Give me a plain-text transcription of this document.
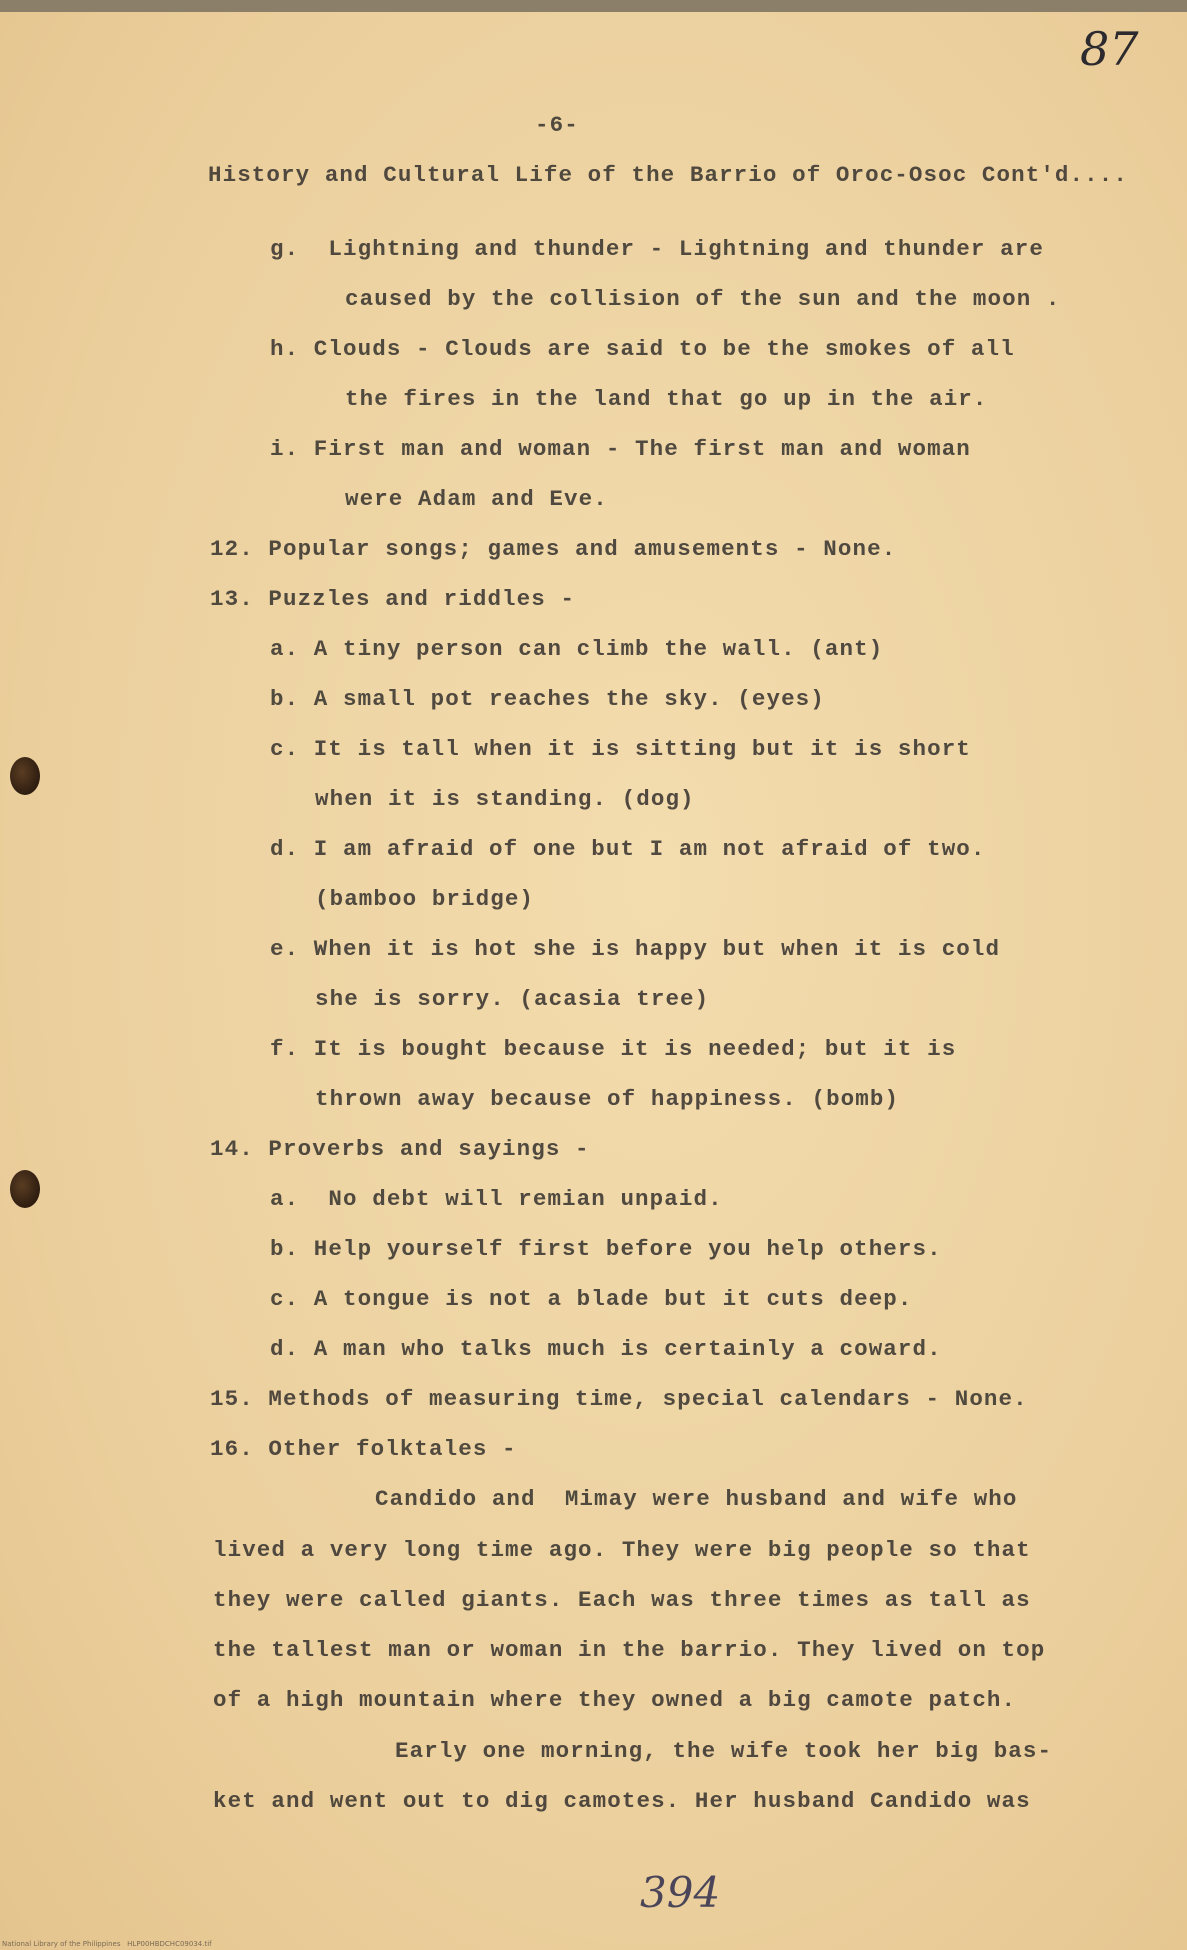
87
-6-
History and Cultural Life of the Barrio of Oroc-Osoc Cont'd....
g.  Lightning and thunder - Lightning and thunder are
caused by the collision of the sun and the moon .
h. Clouds - Clouds are said to be the smokes of all
the fires in the land that go up in the air.
i. First man and woman - The first man and woman
were Adam and Eve.
12. Popular songs; games and amusements - None.
13. Puzzles and riddles -
a. A tiny person can climb the wall. (ant)
b. A small pot reaches the sky. (eyes)
c. It is tall when it is sitting but it is short
when it is standing. (dog)
d. I am afraid of one but I am not afraid of two.
(bamboo bridge)
e. When it is hot she is happy but when it is cold
she is sorry. (acasia tree)
f. It is bought because it is needed; but it is
thrown away because of happiness. (bomb)
14. Proverbs and sayings -
a.  No debt will remian unpaid.
b. Help yourself first before you help others.
c. A tongue is not a blade but it cuts deep.
d. A man who talks much is certainly a coward.
15. Methods of measuring time, special calendars - None.
16. Other folktales -
Candido and  Mimay were husband and wife who
lived a very long time ago. They were big people so that
they were called giants. Each was three times as tall as
the tallest man or woman in the barrio. They lived on top
of a high mountain where they owned a big camote patch.
Early one morning, the wife took her big bas-
ket and went out to dig camotes. Her husband Candido was
394
National Library of the Philippines   HLP00HBDCHC09034.tif
